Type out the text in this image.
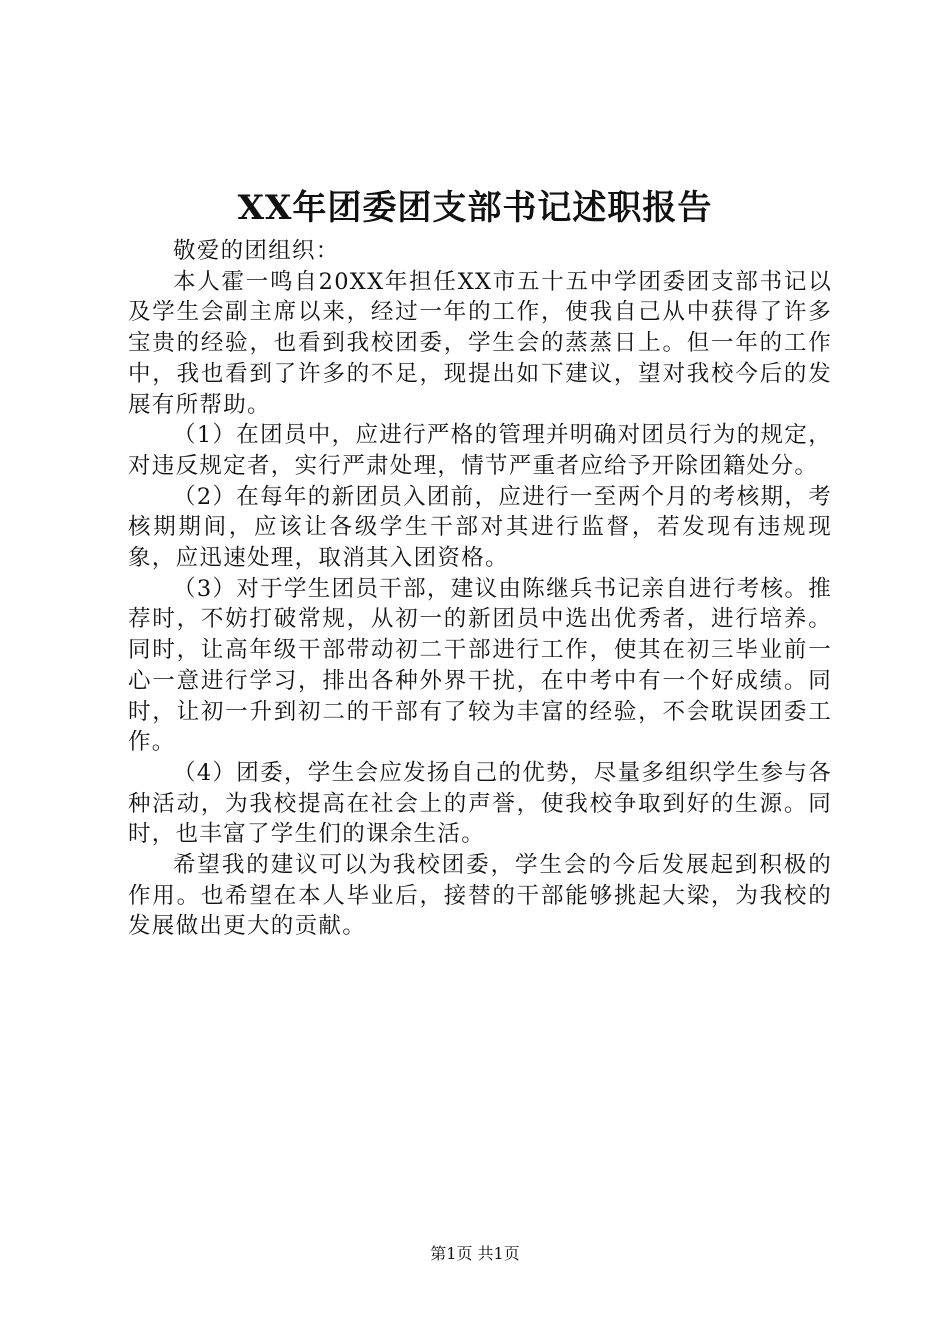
XX年团委团支部书记述职报告

敬爱的团组织：

本人霍一鸣自20XX年担任XX市五十五中学团委团支部书记以及学生会副主席以来，经过一年的工作，使我自己从中获得了许多宝贵的经验，也看到我校团委，学生会的蒸蒸日上。但一年的工作中，我也看到了许多的不足，现提出如下建议，望对我校今后的发展有所帮助。

（1）在团员中，应进行严格的管理并明确对团员行为的规定，对违反规定者，实行严肃处理，情节严重者应给予开除团籍处分。

（2）在每年的新团员入团前，应进行一至两个月的考核期，考核期期间，应该让各级学生干部对其进行监督，若发现有违规现象，应迅速处理，取消其入团资格。

（3）对于学生团员干部，建议由陈继兵书记亲自进行考核。推荐时，不妨打破常规，从初一的新团员中选出优秀者，进行培养。同时，让高年级干部带动初二干部进行工作，使其在初三毕业前一心一意进行学习，排出各种外界干扰，在中考中有一个好成绩。同时，让初一升到初二的干部有了较为丰富的经验，不会耽误团委工作。

（4）团委，学生会应发扬自己的优势，尽量多组织学生参与各种活动，为我校提高在社会上的声誉，使我校争取到好的生源。同时，也丰富了学生们的课余生活。

希望我的建议可以为我校团委，学生会的今后发展起到积极的作用。也希望在本人毕业后，接替的干部能够挑起大梁，为我校的发展做出更大的贡献。

第1页 共1页
